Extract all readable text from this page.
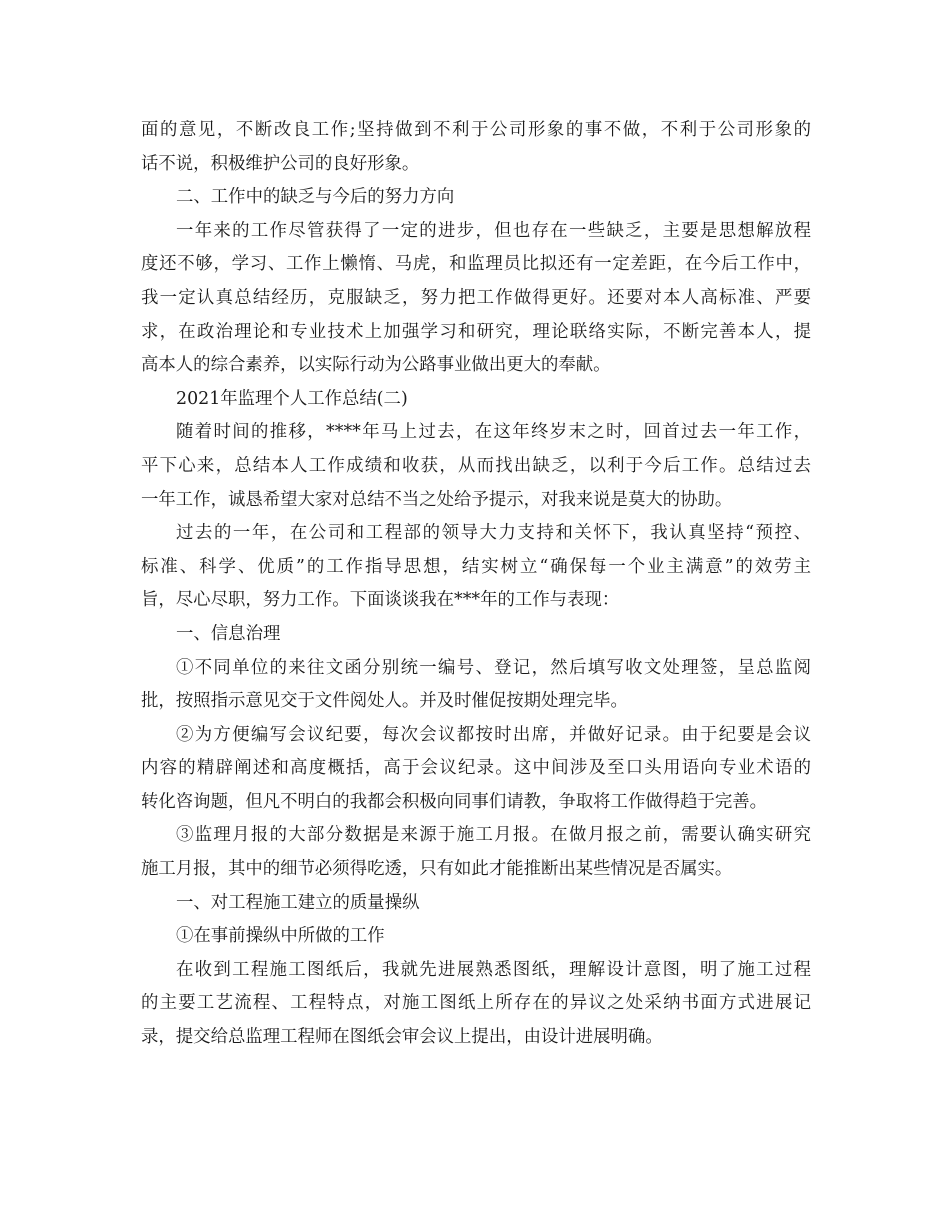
面的意见，不断改良工作;坚持做到不利于公司形象的事不做，不利于公司形象的
话不说，积极维护公司的良好形象。
二、工作中的缺乏与今后的努力方向
一年来的工作尽管获得了一定的进步，但也存在一些缺乏，主要是思想解放程
度还不够，学习、工作上懒惰、马虎，和监理员比拟还有一定差距，在今后工作中，
我一定认真总结经历，克服缺乏，努力把工作做得更好。还要对本人高标准、严要
求，在政治理论和专业技术上加强学习和研究，理论联络实际，不断完善本人，提
高本人的综合素养，以实际行动为公路事业做出更大的奉献。
2021年监理个人工作总结(二)
随着时间的推移，****年马上过去，在这年终岁末之时，回首过去一年工作，
平下心来，总结本人工作成绩和收获，从而找出缺乏，以利于今后工作。总结过去
一年工作，诚恳希望大家对总结不当之处给予提示，对我来说是莫大的协助。
过去的一年，在公司和工程部的领导大力支持和关怀下，我认真坚持“预控、
标准、科学、优质”的工作指导思想，结实树立“确保每一个业主满意”的效劳主
旨，尽心尽职，努力工作。下面谈谈我在***年的工作与表现：
一、信息治理
①不同单位的来往文函分别统一编号、登记，然后填写收文处理签，呈总监阅
批，按照指示意见交于文件阅处人。并及时催促按期处理完毕。
②为方便编写会议纪要，每次会议都按时出席，并做好记录。由于纪要是会议
内容的精辟阐述和高度概括，高于会议纪录。这中间涉及至口头用语向专业术语的
转化咨询题，但凡不明白的我都会积极向同事们请教，争取将工作做得趋于完善。
③监理月报的大部分数据是来源于施工月报。在做月报之前，需要认确实研究
施工月报，其中的细节必须得吃透，只有如此才能推断出某些情况是否属实。
一、对工程施工建立的质量操纵
①在事前操纵中所做的工作
在收到工程施工图纸后，我就先进展熟悉图纸，理解设计意图，明了施工过程
的主要工艺流程、工程特点，对施工图纸上所存在的异议之处采纳书面方式进展记
录，提交给总监理工程师在图纸会审会议上提出，由设计进展明确。
